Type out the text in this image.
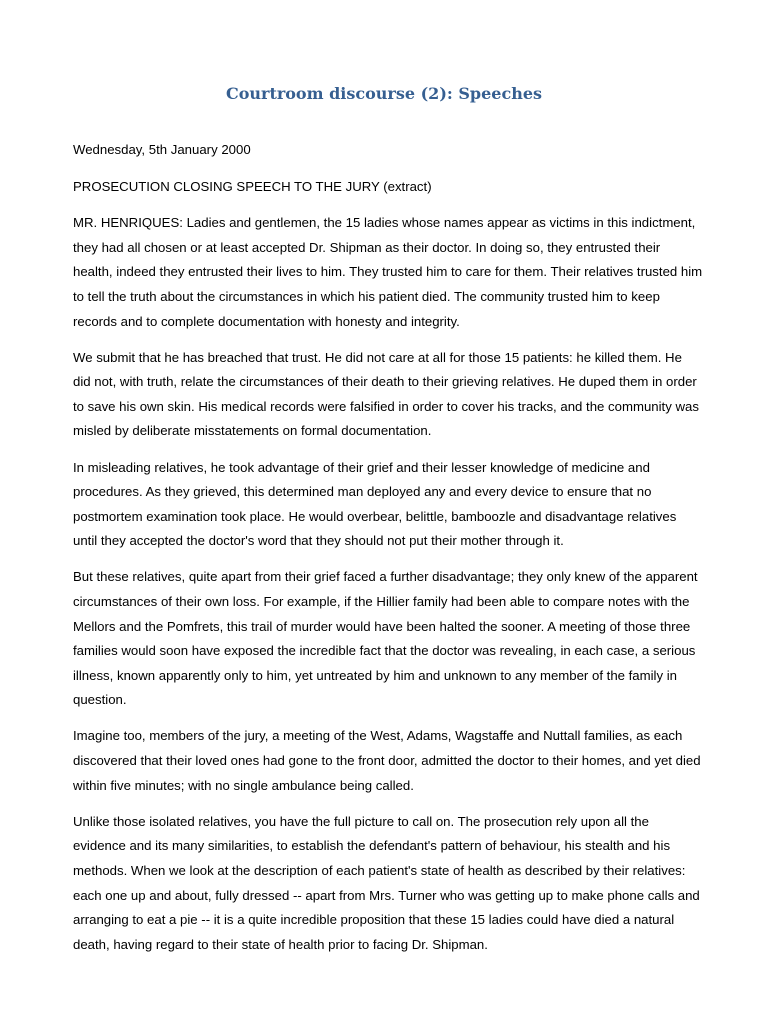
Courtroom discourse (2): Speeches

Wednesday, 5th January 2000

PROSECUTION CLOSING SPEECH TO THE JURY (extract)

MR. HENRIQUES: Ladies and gentlemen, the 15 ladies whose names appear as victims in this indictment, they had all chosen or at least accepted Dr. Shipman as their doctor. In doing so, they entrusted their health, indeed they entrusted their lives to him. They trusted him to care for them. Their relatives trusted him to tell the truth about the circumstances in which his patient died. The community trusted him to keep records and to complete documentation with honesty and integrity.

We submit that he has breached that trust. He did not care at all for those 15 patients: he killed them. He did not, with truth, relate the circumstances of their death to their grieving relatives. He duped them in order to save his own skin. His medical records were falsified in order to cover his tracks, and the community was misled by deliberate misstatements on formal documentation.

In misleading relatives, he took advantage of their grief and their lesser knowledge of medicine and procedures. As they grieved, this determined man deployed any and every device to ensure that no postmortem examination took place. He would overbear, belittle, bamboozle and disadvantage relatives until they accepted the doctor's word that they should not put their mother through it.

But these relatives, quite apart from their grief faced a further disadvantage; they only knew of the apparent circumstances of their own loss. For example, if the Hillier family had been able to compare notes with the Mellors and the Pomfrets, this trail of murder would have been halted the sooner. A meeting of those three families would soon have exposed the incredible fact that the doctor was revealing, in each case, a serious illness, known apparently only to him, yet untreated by him and unknown to any member of the family in question.

Imagine too, members of the jury, a meeting of the West, Adams, Wagstaffe and Nuttall families, as each discovered that their loved ones had gone to the front door, admitted the doctor to their homes, and yet died within five minutes; with no single ambulance being called.

Unlike those isolated relatives, you have the full picture to call on. The prosecution rely upon all the evidence and its many similarities, to establish the defendant's pattern of behaviour, his stealth and his methods. When we look at the description of each patient's state of health as described by their relatives: each one up and about, fully dressed -- apart from Mrs. Turner who was getting up to make phone calls and arranging to eat a pie -- it is a quite incredible proposition that these 15 ladies could have died a natural death, having regard to their state of health prior to facing Dr. Shipman.
